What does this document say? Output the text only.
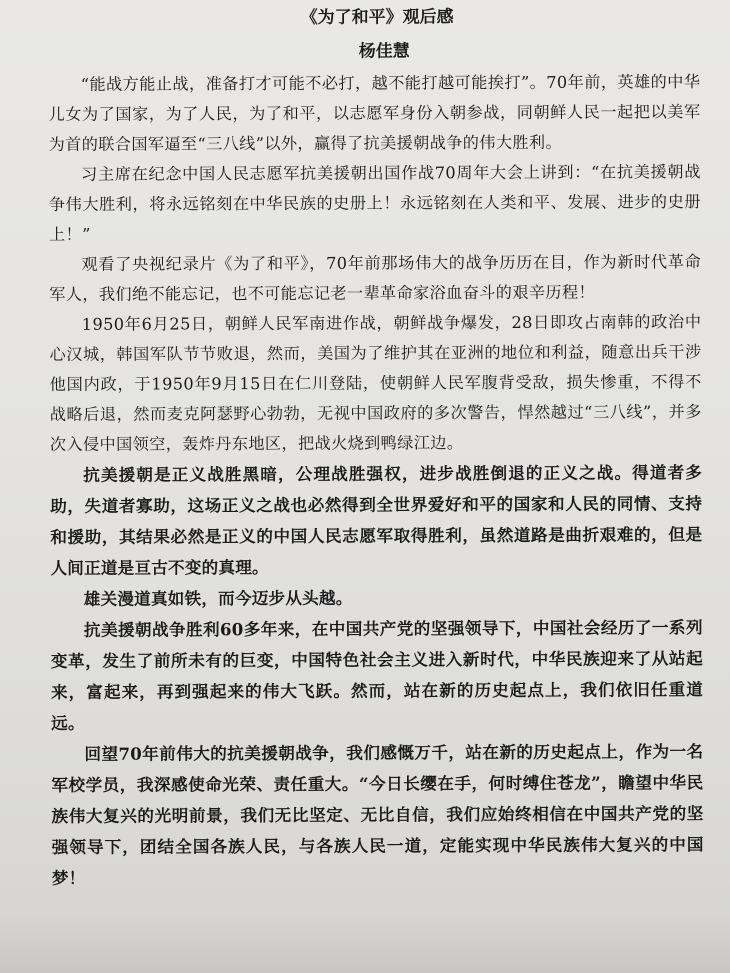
《为了和平》观后感
杨佳慧

“能战方能止战，准备打才可能不必打，越不能打越可能挨打”。70年前，英雄的中华儿女为了国家，为了人民，为了和平，以志愿军身份入朝参战，同朝鲜人民一起把以美军为首的联合国军逼至“三八线”以外，赢得了抗美援朝战争的伟大胜利。

习主席在纪念中国人民志愿军抗美援朝出国作战70周年大会上讲到：“在抗美援朝战争伟大胜利，将永远铭刻在中华民族的史册上！永远铭刻在人类和平、发展、进步的史册上！”

观看了央视纪录片《为了和平》，70年前那场伟大的战争历历在目，作为新时代革命军人，我们绝不能忘记，也不可能忘记老一辈革命家浴血奋斗的艰辛历程！

1950年6月25日，朝鲜人民军南进作战，朝鲜战争爆发，28日即攻占南韩的政治中心汉城，韩国军队节节败退，然而，美国为了维护其在亚洲的地位和利益，随意出兵干涉他国内政，于1950年9月15日在仁川登陆，使朝鲜人民军腹背受敌，损失惨重，不得不战略后退，然而麦克阿瑟野心勃勃，无视中国政府的多次警告，悍然越过“三八线”，并多次入侵中国领空，轰炸丹东地区，把战火烧到鸭绿江边。

抗美援朝是正义战胜黑暗，公理战胜强权，进步战胜倒退的正义之战。得道者多助，失道者寡助，这场正义之战也必然得到全世界爱好和平的国家和人民的同情、支持和援助，其结果必然是正义的中国人民志愿军取得胜利，虽然道路是曲折艰难的，但是人间正道是亘古不变的真理。

雄关漫道真如铁，而今迈步从头越。

抗美援朝战争胜利60多年来，在中国共产党的坚强领导下，中国社会经历了一系列变革，发生了前所未有的巨变，中国特色社会主义进入新时代，中华民族迎来了从站起来，富起来，再到强起来的伟大飞跃。然而，站在新的历史起点上，我们依旧任重道远。

回望70年前伟大的抗美援朝战争，我们感慨万千，站在新的历史起点上，作为一名军校学员，我深感使命光荣、责任重大。“今日长缨在手，何时缚住苍龙”，瞻望中华民族伟大复兴的光明前景，我们无比坚定、无比自信，我们应始终相信在中国共产党的坚强领导下，团结全国各族人民，与各族人民一道，定能实现中华民族伟大复兴的中国梦！
